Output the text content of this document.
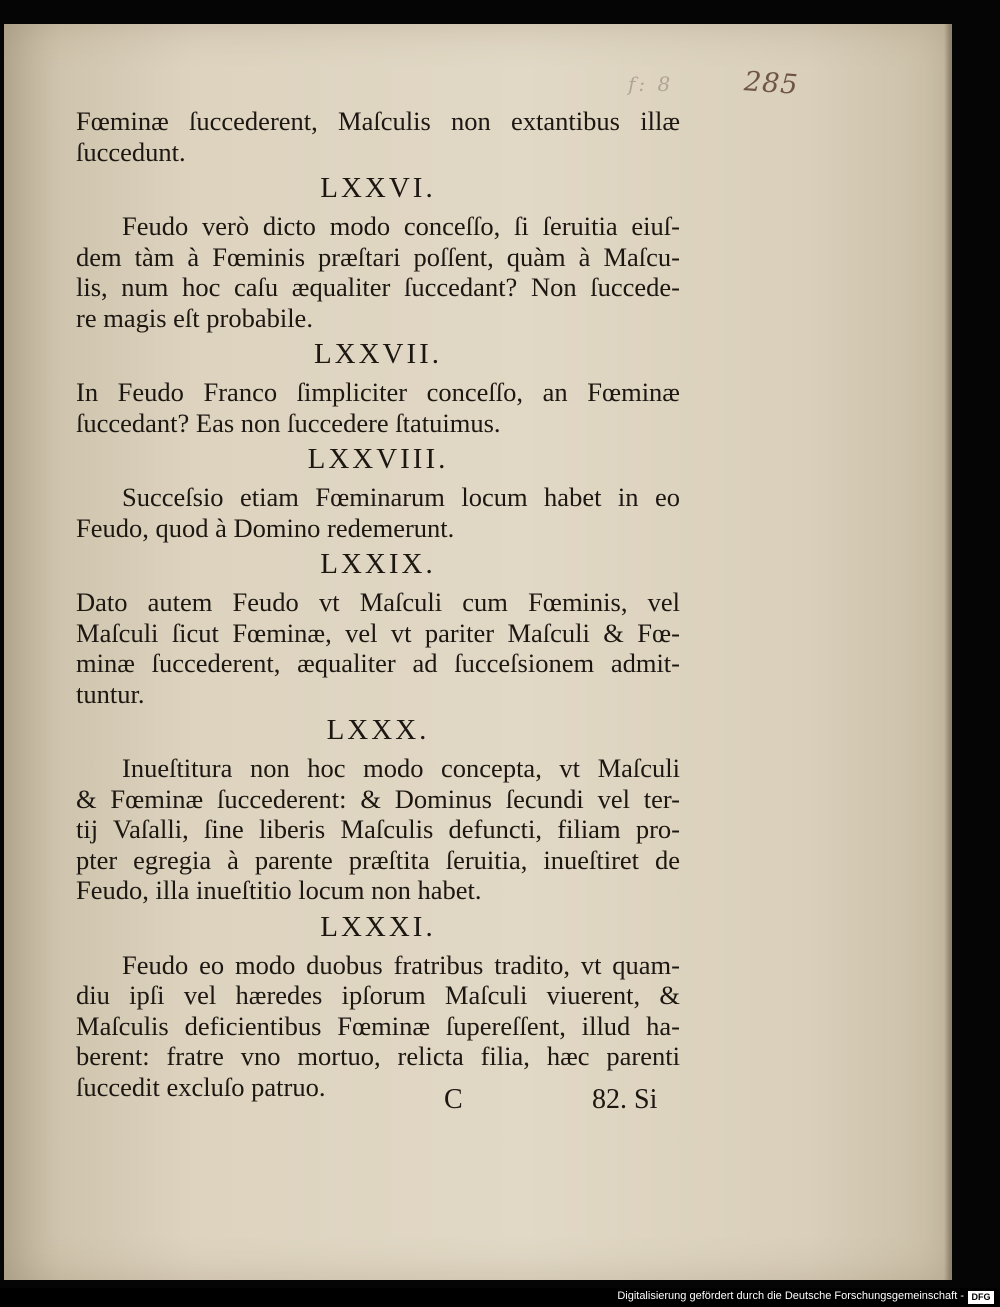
f: 8	285
Fœminæ ſuccederent, Maſculis non extantibus illæ
ſuccedunt.
LXXVI.
Feudo verò dicto modo conceſſo, ſi ſeruitia eiuſ-
dem tàm à Fœminis præſtari poſſent, quàm à Maſcu-
lis, num hoc caſu æqualiter ſuccedant? Non ſuccede-
re magis eſt probabile.
LXXVII.
In Feudo Franco ſimpliciter conceſſo, an Fœminæ
ſuccedant? Eas non ſuccedere ſtatuimus.
LXXVIII.
Succeſsio etiam Fœminarum locum habet in eo
Feudo, quod à Domino redemerunt.
LXXIX.
Dato autem Feudo vt Maſculi cum Fœminis, vel
Maſculi ſicut Fœminæ, vel vt pariter Maſculi & Fœ-
minæ ſuccederent, æqualiter ad ſucceſsionem admit-
tuntur.
LXXX.
Inueſtitura non hoc modo concepta, vt Maſculi
& Fœminæ ſuccederent: & Dominus ſecundi vel ter-
tij Vaſalli, ſine liberis Maſculis defuncti, filiam pro-
pter egregia à parente præſtita ſeruitia, inueſtiret de
Feudo, illa inueſtitio locum non habet.
LXXXI.
Feudo eo modo duobus fratribus tradito, vt quam-
diu ipſi vel hæredes ipſorum Maſculi viuerent, &
Maſculis deficientibus Fœminæ ſupereſſent, illud ha-
berent: fratre vno mortuo, relicta filia, hæc parenti
ſuccedit excluſo patruo.	C	82. Si
Digitalisierung gefördert durch die Deutsche Forschungsgemeinschaft - DFG
